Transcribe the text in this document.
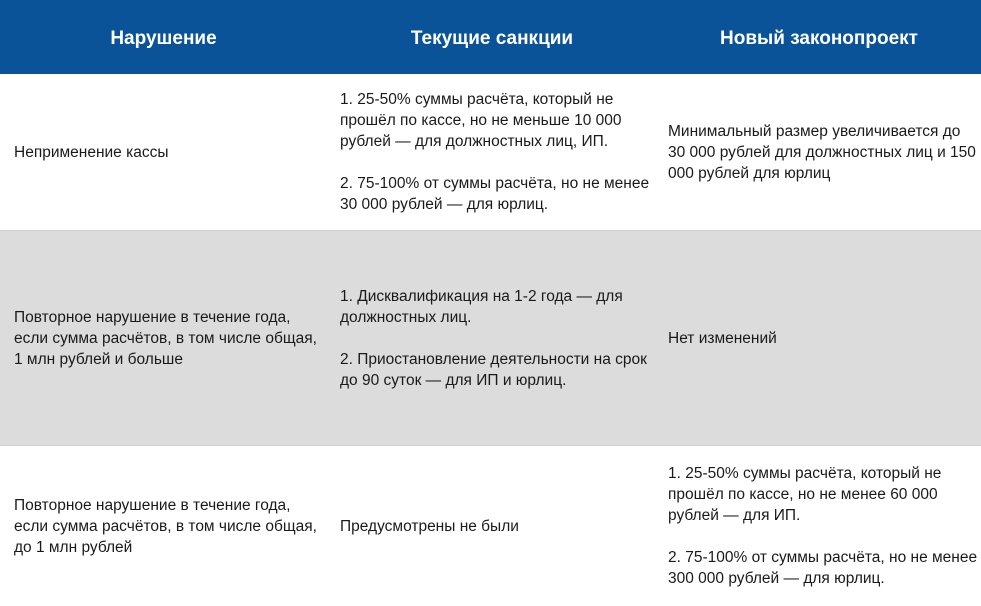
Нарушение	Текущие санкции	Новый законопроект

Неприменение кассы

1. 25-50% суммы расчёта, который не прошёл по кассе, но не меньше 10 000 рублей — для должностных лиц, ИП.

2. 75-100% от суммы расчёта, но не менее 30 000 рублей — для юрлиц.

Минимальный размер увеличивается до 30 000 рублей для должностных лиц и 150 000 рублей для юрлиц

Повторное нарушение в течение года, если сумма расчётов, в том числе общая, 1 млн рублей и больше

1. Дисквалификация на 1-2 года — для должностных лиц.

2. Приостановление деятельности на срок до 90 суток — для ИП и юрлиц.

Нет изменений

Повторное нарушение в течение года, если сумма расчётов, в том числе общая, до 1 млн рублей

Предусмотрены не были

1. 25-50% суммы расчёта, который не прошёл по кассе, но не менее 60 000 рублей — для ИП.

2. 75-100% от суммы расчёта, но не менее 300 000 рублей — для юрлиц.
